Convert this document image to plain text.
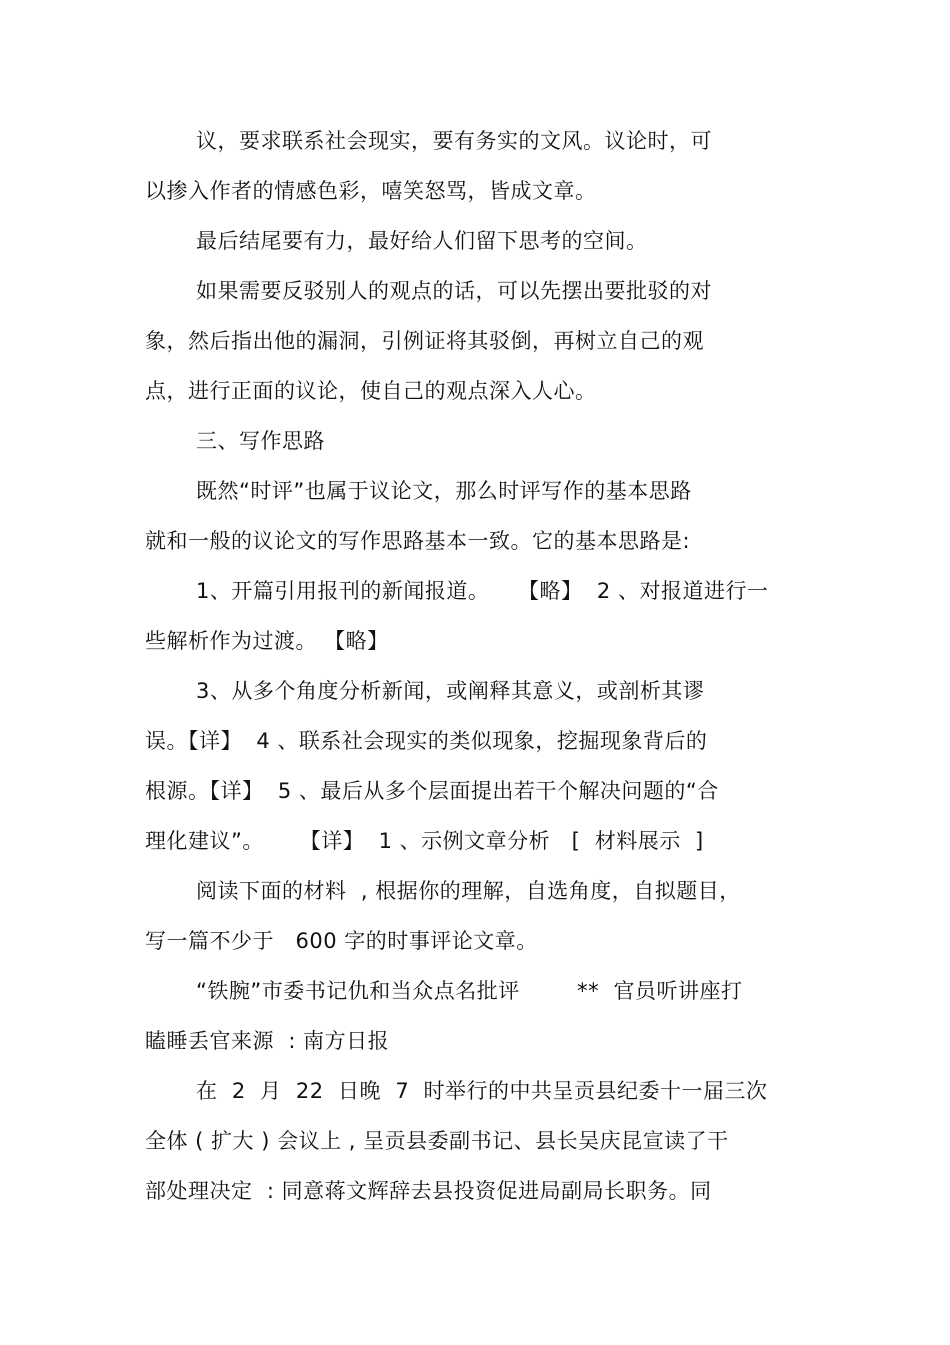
议，要求联系社会现实，要有务实的文风。议论时，可
以掺入作者的情感色彩，嘻笑怒骂，皆成文章。
最后结尾要有力，最好给人们留下思考的空间。
如果需要反驳别人的观点的话，可以先摆出要批驳的对
象，然后指出他的漏洞，引例证将其驳倒，再树立自己的观
点，进行正面的议论，使自己的观点深入人心。
三、写作思路
既然“时评”也属于议论文，那么时评写作的基本思路
就和一般的议论文的写作思路基本一致。它的基本思路是:
1、开篇引用报刊的新闻报道。    【略】  2 、对报道进行一
些解析作为过渡。 【略】
3、从多个角度分析新闻，或阐释其意义，或剖析其谬
误。【详】  4 、联系社会现实的类似现象，挖掘现象背后的
根源。【详】  5 、最后从多个层面提出若干个解决问题的“合
理化建议”。     【详】  1 、示例文章分析   [  材料展示  ]
阅读下面的材料  , 根据你的理解，自选角度，自拟题目，
写一篇不少于   600 字的时事评论文章。
“铁腕”市委书记仇和当众点名批评        **  官员听讲座打
瞌睡丢官来源  : 南方日报
在  2  月  22  日晚  7  时举行的中共呈贡县纪委十一届三次
全体 ( 扩大 ) 会议上 , 呈贡县委副书记、县长吴庆昆宣读了干
部处理决定  : 同意蒋文辉辞去县投资促进局副局长职务。同
